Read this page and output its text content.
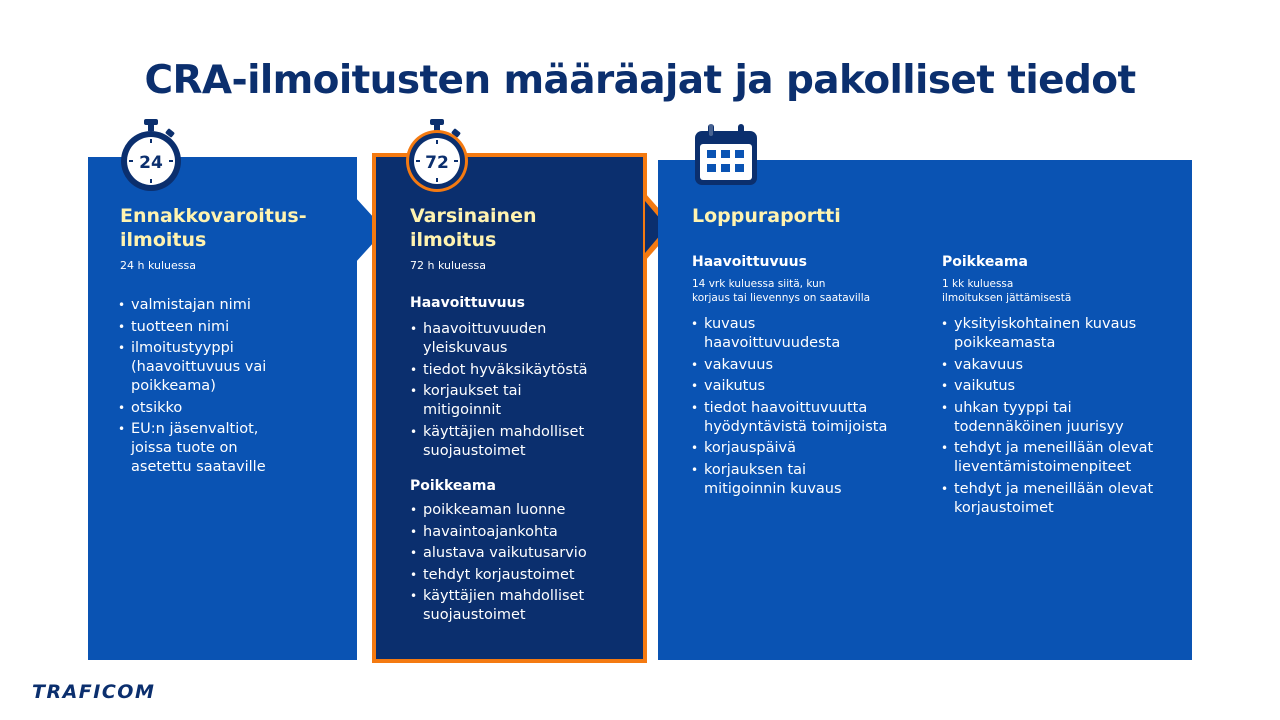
CRA-ilmoitusten määräajat ja pakolliset tiedot
24	72
Ennakkovaroitus-
ilmoitus
24 h kuluessa
• valmistajan nimi
• tuotteen nimi
• ilmoitustyyppi (haavoittuvuus vai poikkeama)
• otsikko
• EU:n jäsenvaltiot, joissa tuote on asetettu saataville
Varsinainen
ilmoitus
72 h kuluessa
Haavoittuvuus
• haavoittuvuuden yleiskuvaus
• tiedot hyväksikäytöstä
• korjaukset tai mitigoinnit
• käyttäjien mahdolliset suojaustoimet
Poikkeama
• poikkeaman luonne
• havaintoajankohta
• alustava vaikutusarvio
• tehdyt korjaustoimet
• käyttäjien mahdolliset suojaustoimet
Loppuraportti
Haavoittuvuus
14 vrk kuluessa siitä, kun
korjaus tai lievennys on saatavilla
• kuvaus haavoittuvuudesta
• vakavuus
• vaikutus
• tiedot haavoittuvuutta hyödyntävistä toimijoista
• korjauspäivä
• korjauksen tai mitigoinnin kuvaus
Poikkeama
1 kk kuluessa
ilmoituksen jättämisestä
• yksityiskohtainen kuvaus poikkeamasta
• vakavuus
• vaikutus
• uhkan tyyppi tai todennäköinen juurisyy
• tehdyt ja meneillään olevat lieventämistoimenpiteet
• tehdyt ja meneillään olevat korjaustoimet
TRAFICOM
